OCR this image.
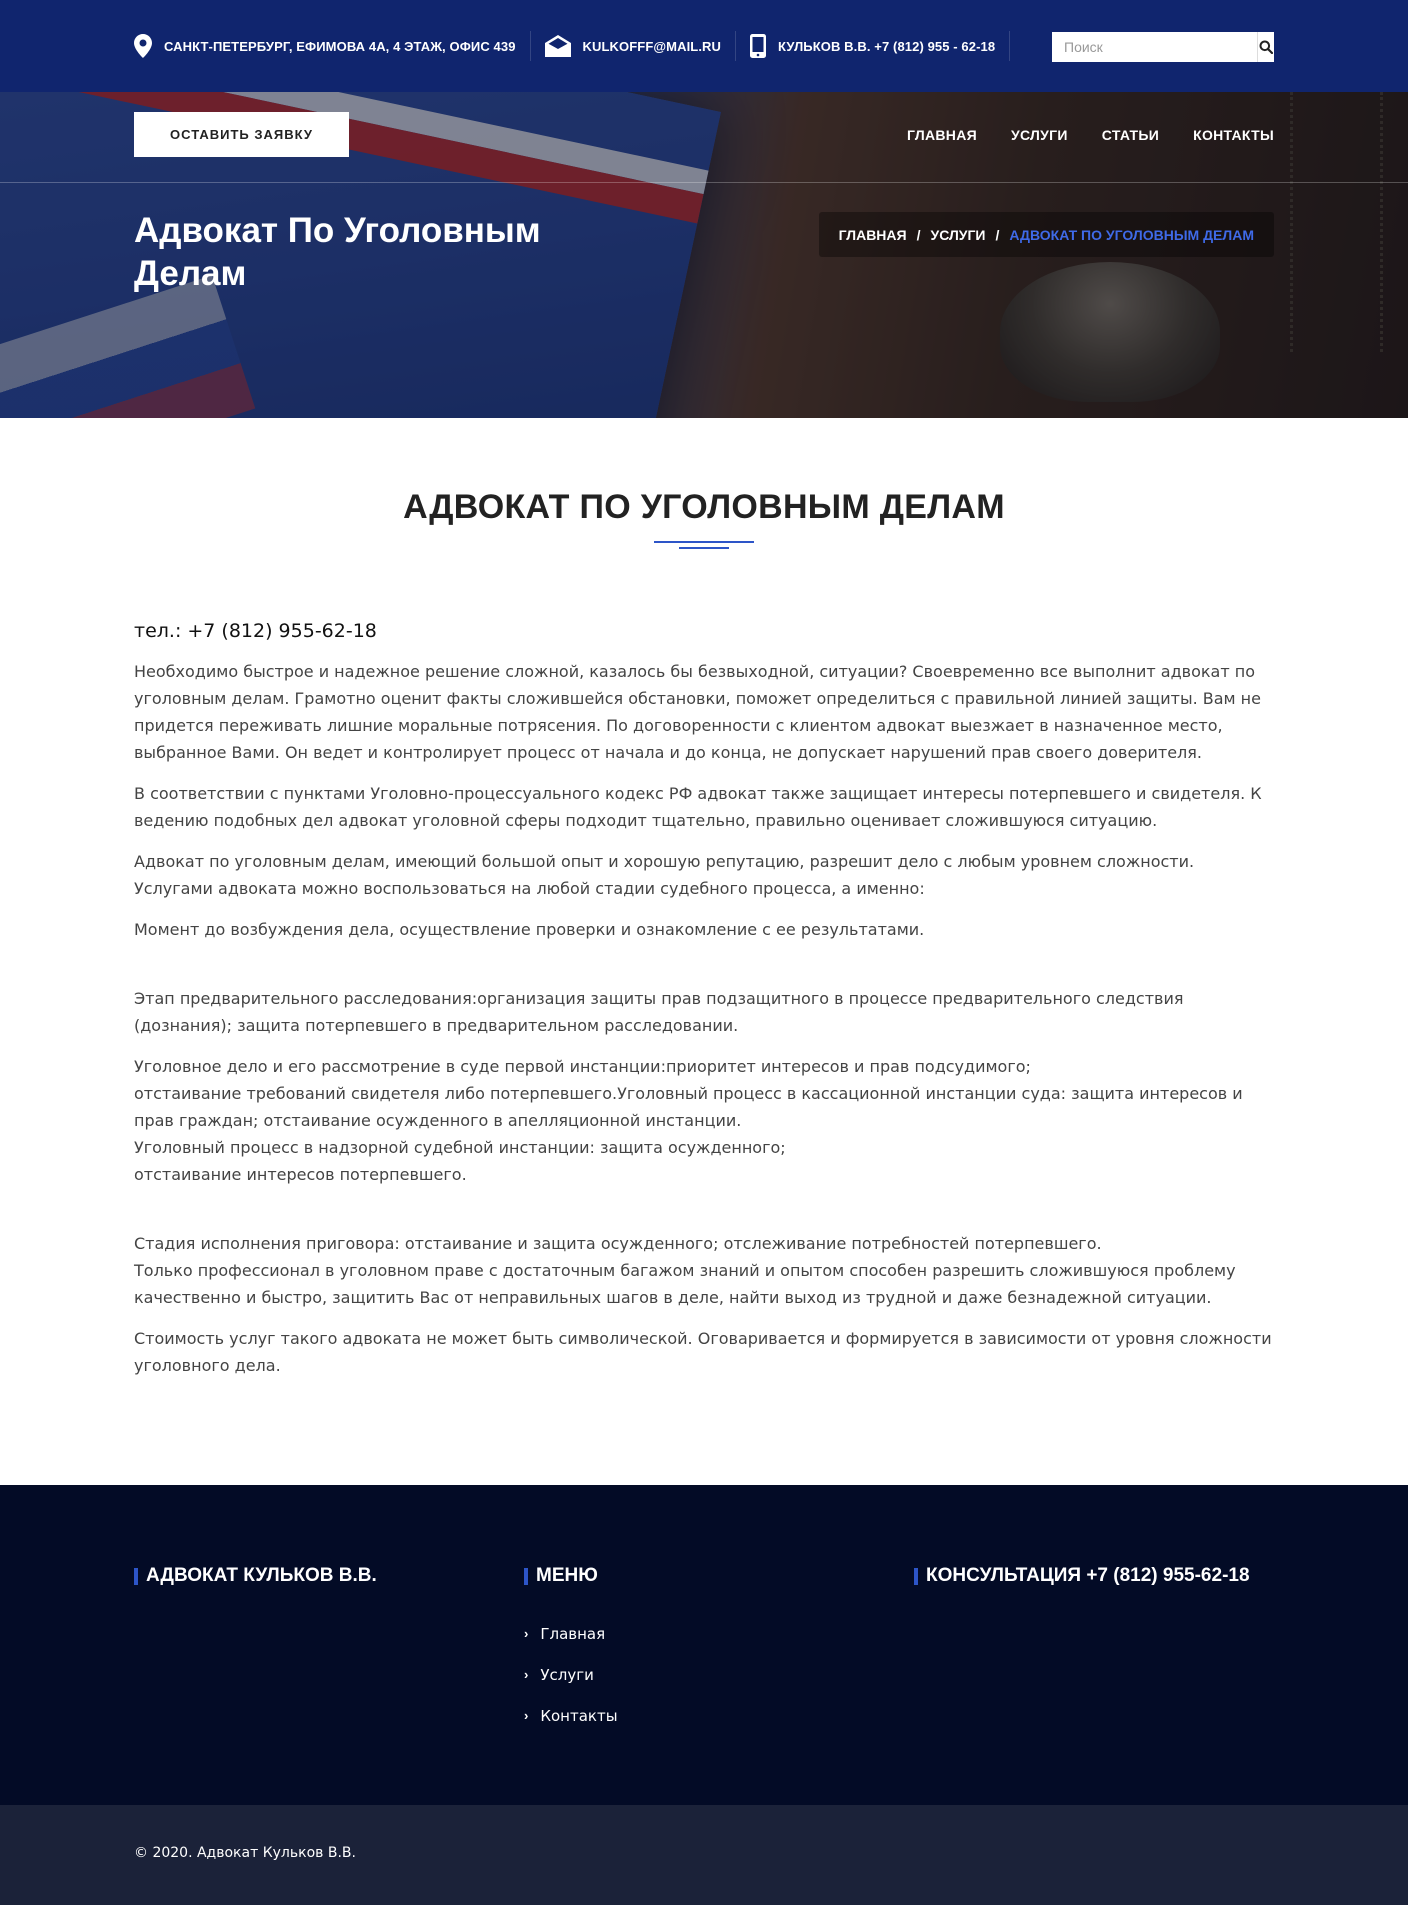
САНКТ-ПЕТЕРБУРГ, ЕФИМОВА 4А, 4 ЭТАЖ, ОФИС 439	KULKOFFF@MAIL.RU	КУЛЬКОВ В.В. +7 (812) 955 - 62-18
Поиск
ОСТАВИТЬ ЗАЯВКУ	ГЛАВНАЯ УСЛУГИ СТАТЬИ КОНТАКТЫ
Адвокат По Уголовным Делам
ГЛАВНАЯ / УСЛУГИ / АДВОКАТ ПО УГОЛОВНЫМ ДЕЛАМ
АДВОКАТ ПО УГОЛОВНЫМ ДЕЛАМ
тел.: +7 (812) 955-62-18

Необходимо быстрое и надежное решение сложной, казалось бы безвыходной, ситуации? Своевременно все выполнит адвокат по уголовным делам. Грамотно оценит факты сложившейся обстановки, поможет определиться с правильной линией защиты. Вам не придется переживать лишние моральные потрясения. По договоренности с клиентом адвокат выезжает в назначенное место, выбранное Вами. Он ведет и контролирует процесс от начала и до конца, не допускает нарушений прав своего доверителя.

В соответствии с пунктами Уголовно-процессуального кодекс РФ адвокат также защищает интересы потерпевшего и свидетеля. К ведению подобных дел адвокат уголовной сферы подходит тщательно, правильно оценивает сложившуюся ситуацию.

Адвокат по уголовным делам, имеющий большой опыт и хорошую репутацию, разрешит дело с любым уровнем сложности. Услугами адвоката можно воспользоваться на любой стадии судебного процесса, а именно:

Момент до возбуждения дела, осуществление проверки и ознакомление с ее результатами.

Этап предварительного расследования:организация защиты прав подзащитного в процессе предварительного следствия (дознания); защита потерпевшего в предварительном расследовании.

Уголовное дело и его рассмотрение в суде первой инстанции:приоритет интересов и прав подсудимого;

отстаивание требований свидетеля либо потерпевшего.Уголовный процесс в кассационной инстанции суда: защита интересов и прав граждан; отстаивание осужденного в апелляционной инстанции.

Уголовный процесс в надзорной судебной инстанции: защита осужденного;

отстаивание интересов потерпевшего.

Стадия исполнения приговора: отстаивание и защита осужденного; отслеживание потребностей потерпевшего.

Только профессионал в уголовном праве с достаточным багажом знаний и опытом способен разрешить сложившуюся проблему качественно и быстро, защитить Вас от неправильных шагов в деле, найти выход из трудной и даже безнадежной ситуации.

Стоимость услуг такого адвоката не может быть символической. Оговаривается и формируется в зависимости от уровня сложности уголовного дела.

АДВОКАТ КУЛЬКОВ В.В.	МЕНЮ
› Главная
› Услуги
› Контакты
КОНСУЛЬТАЦИЯ +7 (812) 955-62-18
© 2020. Адвокат Кульков В.В.
